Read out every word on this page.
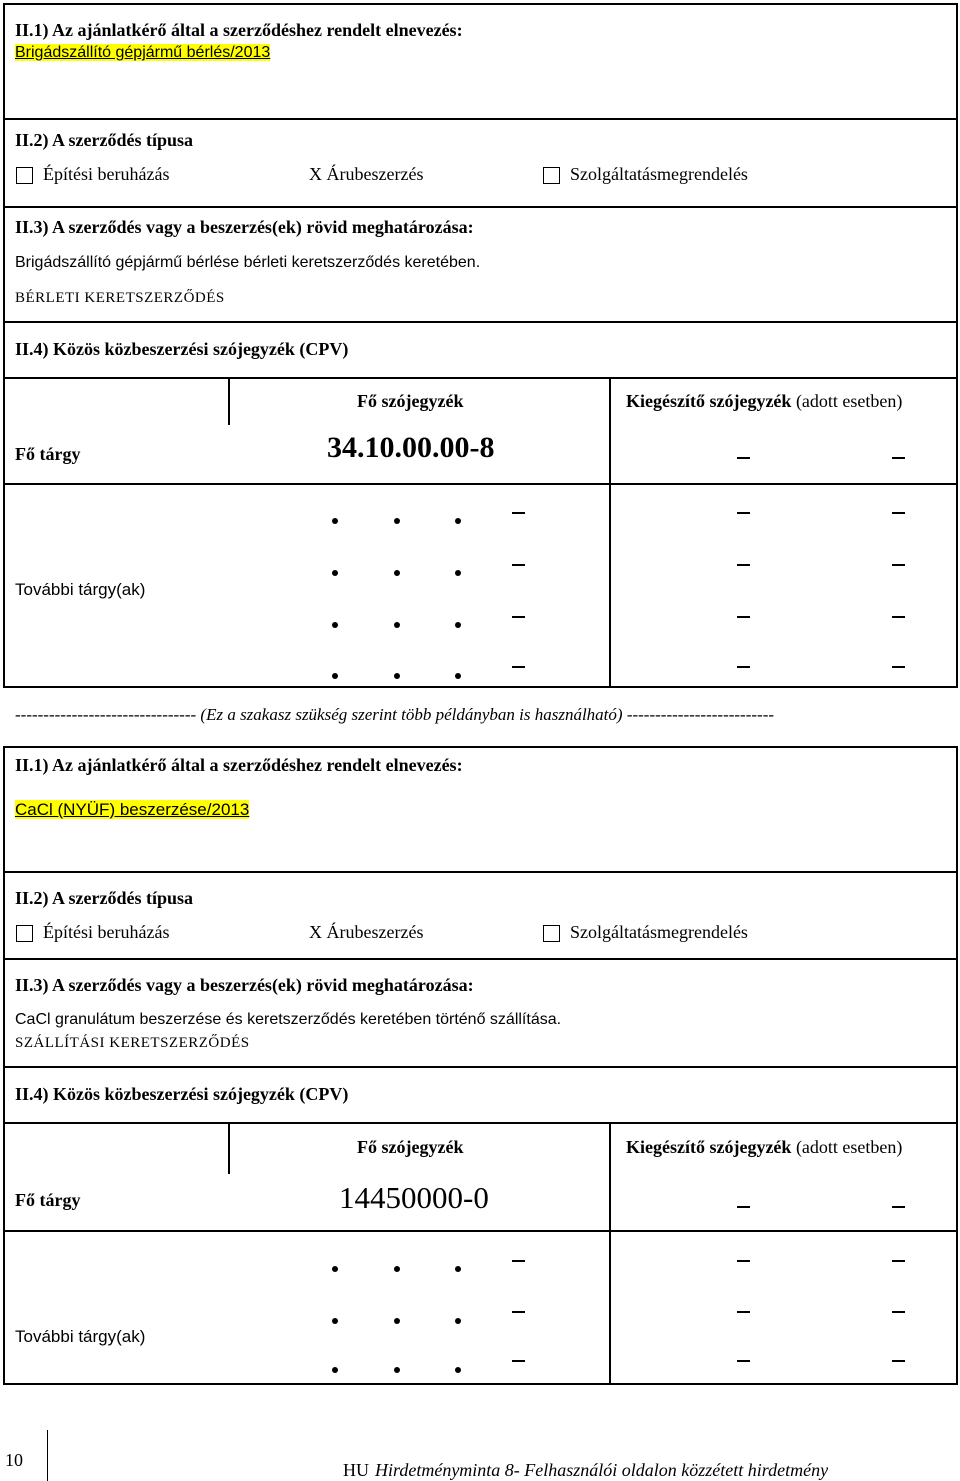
II.1) Az ajánlatkérő által a szerződéshez rendelt elnevezés:
Brigádszállító gépjármű bérlés/2013
II.2) A szerződés típusa
Építési beruházás	X Árubeszerzés	Szolgáltatásmegrendelés
II.3) A szerződés vagy a beszerzés(ek) rövid meghatározása:
Brigádszállító gépjármű bérlése bérleti keretszerződés keretében.
BÉRLETI KERETSZERZŐDÉS
II.4) Közös közbeszerzési szójegyzék (CPV)
Fő szójegyzék	Kiegészítő szójegyzék (adott esetben)
Fő tárgy	34.10.00.00-8
További tárgy(ak)
-------------------------------- (Ez a szakasz szükség szerint több példányban is használható) --------------------------
II.1) Az ajánlatkérő által a szerződéshez rendelt elnevezés:
CaCl (NYÜF) beszerzése/2013
II.2) A szerződés típusa
Építési beruházás	X Árubeszerzés	Szolgáltatásmegrendelés
II.3) A szerződés vagy a beszerzés(ek) rövid meghatározása:
CaCl granulátum beszerzése és keretszerződés keretében történő szállítása.
SZÁLLÍTÁSI KERETSZERZŐDÉS
II.4) Közös közbeszerzési szójegyzék (CPV)
Fő szójegyzék	Kiegészítő szójegyzék (adott esetben)
Fő tárgy	14450000-0
További tárgy(ak)
10	HU Hirdetményminta 8- Felhasználói oldalon közzétett hirdetmény
